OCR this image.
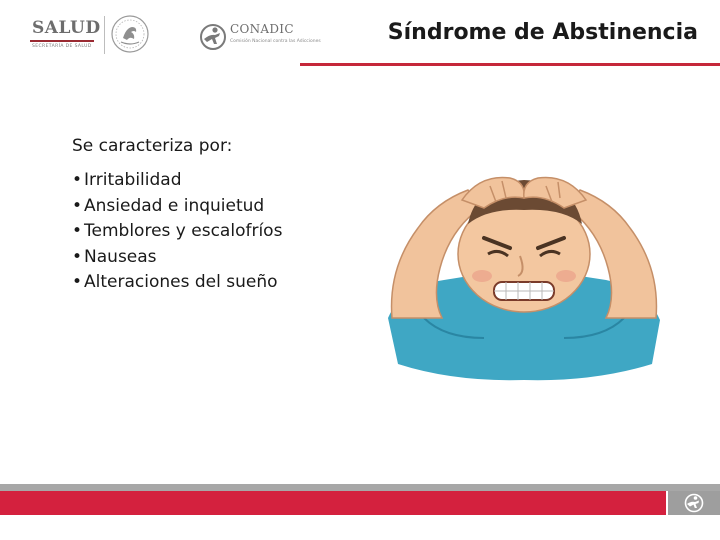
SALUD
SECRETARÍA DE SALUD
CONADIC
Comisión Nacional contra las Adicciones	Síndrome de Abstinencia
Se caracteriza por:
• Irritabilidad
• Ansiedad e inquietud
• Temblores y escalofríos
• Nauseas
• Alteraciones del sueño
